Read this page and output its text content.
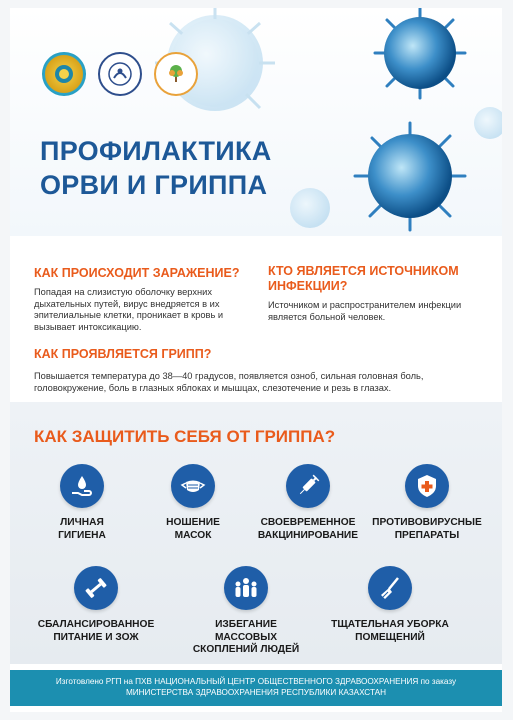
ПРОФИЛАКТИКА
ОРВИ И ГРИППА
КАК ПРОИСХОДИТ ЗАРАЖЕНИЕ?
Попадая на слизистую оболочку верхних дыхательных путей, вирус внедряется в их эпителиальные клетки, проникает в кровь и вызывает интоксикацию.
КТО ЯВЛЯЕТСЯ ИСТОЧНИКОМ ИНФЕКЦИИ?
Источником и распространителем инфекции является больной человек.
КАК ПРОЯВЛЯЕТСЯ ГРИПП?
Повышается температура до 38—40 градусов, появляется озноб, сильная головная боль, головокружение, боль в глазных яблоках и мышцах, слезотечение и резь в глазах.
КАК ЗАЩИТИТЬ СЕБЯ ОТ ГРИППА?
ЛИЧНАЯ
ГИГИЕНА
НОШЕНИЕ
МАСОК
СВОЕВРЕМЕННОЕ
ВАКЦИНИРОВАНИЕ
ПРОТИВОВИРУСНЫЕ
ПРЕПАРАТЫ
СБАЛАНСИРОВАННОЕ
ПИТАНИЕ И ЗОЖ
ИЗБЕГАНИЕ МАССОВЫХ
СКОПЛЕНИЙ ЛЮДЕЙ
ТЩАТЕЛЬНАЯ УБОРКА
ПОМЕЩЕНИЙ
Изготовлено РГП на ПХВ НАЦИОНАЛЬНЫЙ ЦЕНТР ОБЩЕСТВЕННОГО ЗДРАВООХРАНЕНИЯ по заказу
МИНИСТЕРСТВА ЗДРАВООХРАНЕНИЯ РЕСПУБЛИКИ КАЗАХСТАН
